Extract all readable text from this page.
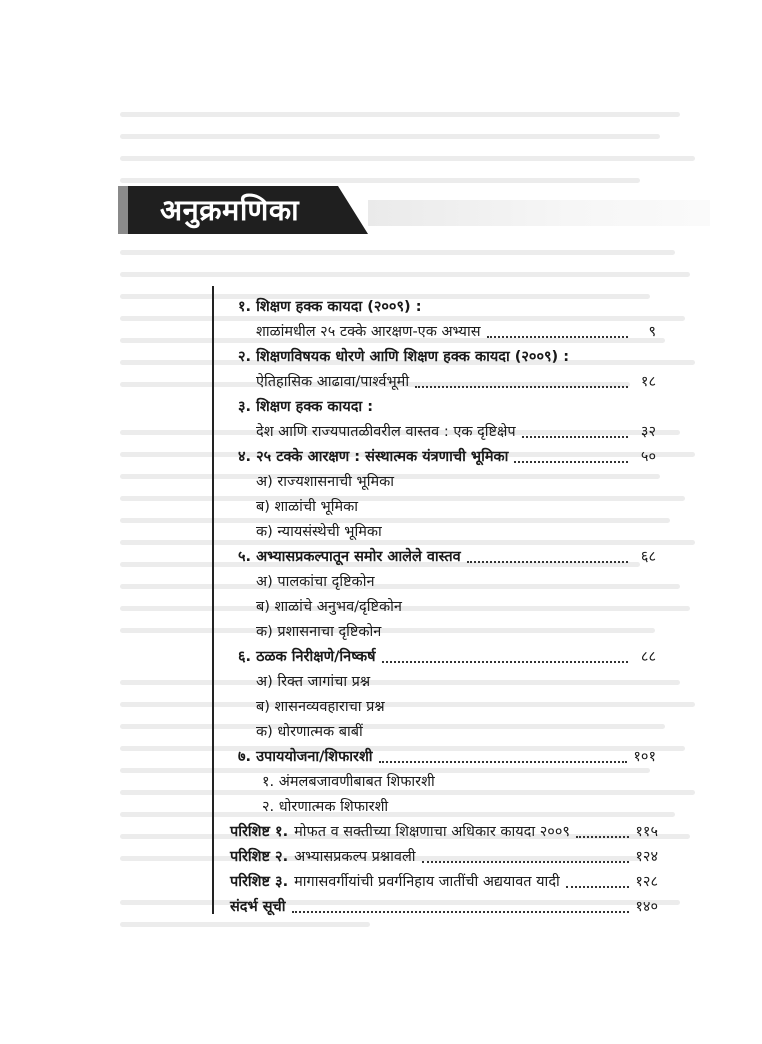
अनुक्रमणिका
१. शिक्षण हक्क कायदा (२००९) :
शाळांमधील २५ टक्के आरक्षण-एक अभ्यास	९
२. शिक्षणविषयक धोरणे आणि शिक्षण हक्क कायदा (२००९) :
ऐतिहासिक आढावा/पार्श्वभूमी	१८
३. शिक्षण हक्क कायदा :
देश आणि राज्यपातळीवरील वास्तव : एक दृष्टिक्षेप	३२
४. २५ टक्के आरक्षण : संस्थात्मक यंत्रणाची भूमिका	५०
अ) राज्यशासनाची भूमिका
ब) शाळांची भूमिका
क) न्यायसंस्थेची भूमिका
५. अभ्यासप्रकल्पातून समोर आलेले वास्तव	६८
अ) पालकांचा दृष्टिकोन
ब) शाळांचे अनुभव/दृष्टिकोन
क) प्रशासनाचा दृष्टिकोन
६. ठळक निरीक्षणे/निष्कर्ष	८८
अ) रिक्त जागांचा प्रश्न
ब) शासनव्यवहाराचा प्रश्न
क) धोरणात्मक बाबीं
७. उपाययोजना/शिफारशी	१०१
१. अंमलबजावणीबाबत शिफारशी
२. धोरणात्मक शिफारशी
परिशिष्ट १. मोफत व सक्तीच्या शिक्षणाचा अधिकार कायदा २००९	११५
परिशिष्ट २. अभ्यासप्रकल्प प्रश्नावली	१२४
परिशिष्ट ३. मागासवर्गीयांची प्रवर्गनिहाय जातींची अद्ययावत यादी	१२८
संदर्भ सूची	१४०
